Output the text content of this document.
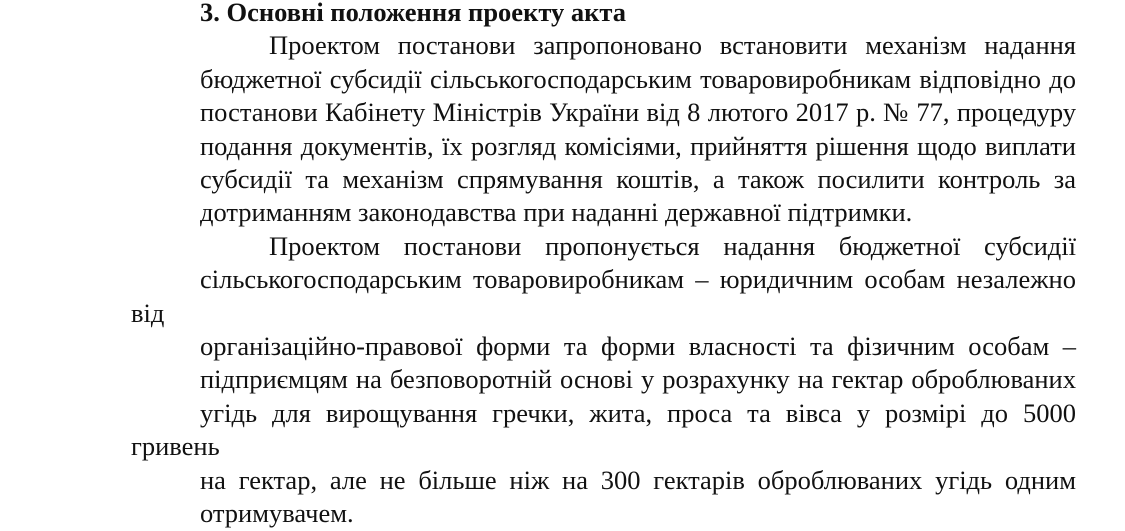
3. Основні положення проекту акта
Проектом постанови запропоновано встановити механізм надання
бюджетної субсидії сільськогосподарським товаровиробникам відповідно до
постанови Кабінету Міністрів України від 8 лютого 2017 р. № 77, процедуру
подання документів, їх розгляд комісіями, прийняття рішення щодо виплати
субсидії та механізм спрямування коштів, а також посилити контроль за
дотриманням законодавства при наданні державної підтримки.
Проектом постанови пропонується надання бюджетної субсидії
сільськогосподарським товаровиробникам – юридичним особам незалежно від
організаційно-правової форми та форми власності та фізичним особам –
підприємцям на безповоротній основі у розрахунку на гектар оброблюваних
угідь для вирощування гречки, жита, проса та вівса у розмірі до 5000 гривень
на гектар, але не більше ніж на 300 гектарів оброблюваних угідь одним
отримувачем.
